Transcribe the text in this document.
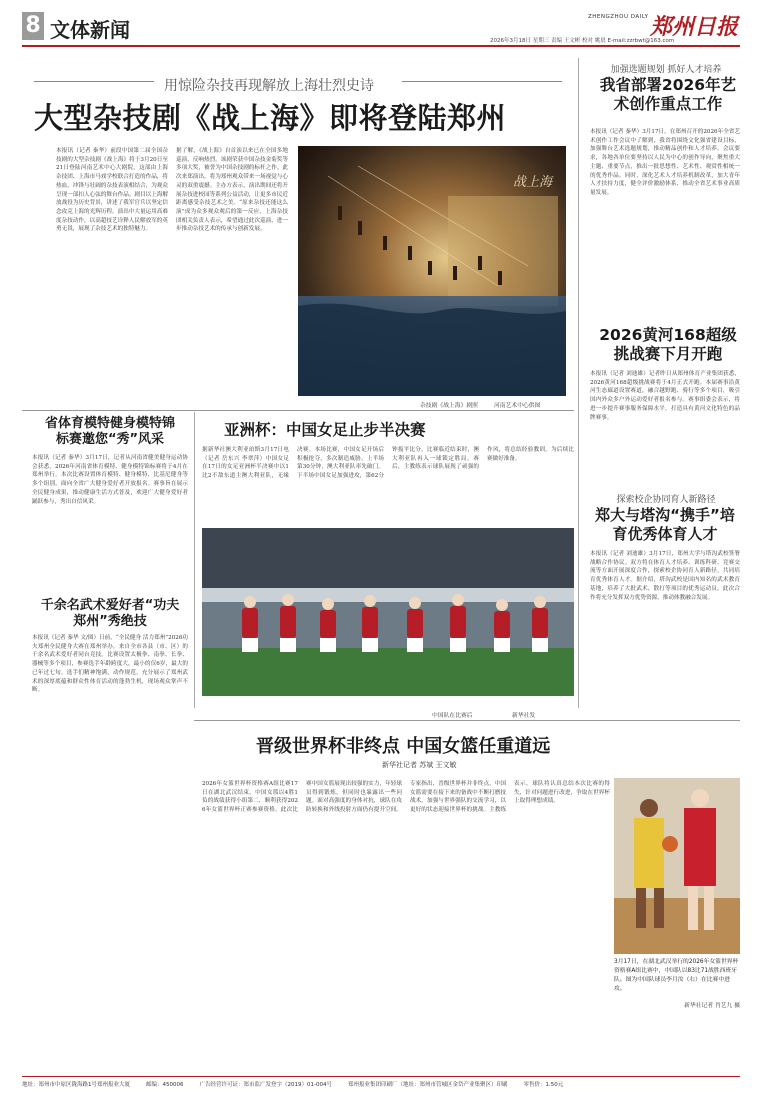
8 文体新闻
ZHENGZHOU DAILY 郑州日报
2026年3月18日 星期三 责编 王文彬 校对 姚晨 E-mail:zzrbwt@163.com
用惊险杂技再现解放上海壮烈史诗
大型杂技剧《战上海》即将登陆郑州
本报讯（记者 秦华）前段中国第二届全国杂技剧的大型杂技剧《战上海》将于3月20日至21日登陆河南艺术中心大剧院，这部由上海杂技团、上海市马戏学校联合打造的作品，将热血、冲锋与壮阔的杂技表演相结合，为观众呈现一部扣人心弦的舞台作品。剧目以上海解放战役为历史背景，讲述了我军官兵以坚定信念攻克上海的光辉历程。演出中大量运用高难度杂技动作，以高超技艺诠释人民解放军的英勇无畏，展现了杂技艺术的独特魅力。
据了解，《战上海》自首演以来已在全国多地巡演，反响热烈。该剧荣获中国杂技金菊奖等多项大奖，被誉为中国杂技剧的标杆之作。此次来郑演出，将为郑州观众带来一场视觉与心灵的双重震撼。主办方表示，演出期间还将开展杂技进校园等系列公益活动，让更多市民近距离感受杂技艺术之美。“原来杂技还能这么演”成为众多观众观后的第一反应，上海杂技团相关负责人表示，希望通过此次巡演，进一步推动杂技艺术的传承与创新发展。
战上海
杂技剧《战上海》剧照	河南艺术中心供图
加强选题规划 抓好人才培养
我省部署2026年艺术创作重点工作
本报讯（记者 秦华）3月17日，在郑州召开的2026年全省艺术创作工作会议中了解到，我省将围绕文化强省建设目标，加强舞台艺术选题规划，推动精品创作和人才培养。会议要求，各地各单位要坚持以人民为中心的创作导向，聚焦重大主题、重要节点，推出一批思想性、艺术性、观赏性相统一的优秀作品。同时，深化艺术人才培养机制改革，加大青年人才扶持力度，健全评价激励体系，推动全省艺术事业高质量发展。
2026黄河168超级挑战赛下月开跑
本报讯（记者 刘迪雄）记者昨日从郑州体育产业集团获悉，2026黄河168超级挑战赛将于4月正式开跑。本届赛事沿黄河生态廊道设置赛道，融合越野跑、骑行等多个项目，吸引国内外众多户外运动爱好者报名参与。赛事组委会表示，将进一步提升赛事服务保障水平，打造具有黄河文化特色的品牌赛事。
探索校企协同育人新路径
郑大与塔沟“携手”培育优秀体育人才
本报讯（记者 刘迪雄）3月17日，郑州大学与塔沟武校签署战略合作协议。双方将在体育人才培养、训练科研、竞赛交流等方面开展深度合作，探索校企协同育人新路径，共同培育优秀体育人才。据介绍，塔沟武校是国内知名的武术教育基地，培养了大批武术、散打等项目的优秀运动员。此次合作将充分发挥双方优势资源，推动体教融合发展。
省体育模特健身模特锦标赛邀您“秀”风采
本报讯（记者 秦华）3月17日，记者从河南省健美健身运动协会获悉，2026年河南省体育模特、健身模特锦标赛将于4月在郑州举行。本次比赛设置体育模特、健身模特、比基尼健身等多个组别，面向全省广大健身爱好者开放报名。赛事旨在展示全民健身成果，推动健康生活方式普及，欢迎广大健身爱好者踊跃参与，秀出自信风采。
千余名武术爱好者“功夫郑州”秀绝技
本报讯（记者 秦华 文/图）日前，“全民健身 活力郑州”2026功夫郑州全民健身大赛在郑州举办，来自全市各县（市、区）的千余名武术爱好者同台竞技。比赛设置太极拳、南拳、长拳、器械等多个项目，参赛选手年龄跨度大，最小的仅6岁，最大的已年过七旬。选手们精神饱满，动作规范，充分展示了郑州武术的深厚底蕴和群众性体育活动的蓬勃生机，现场观众掌声不断。
亚洲杯：中国女足止步半决赛
据新华社澳大利亚珀斯3月17日电（记者 岳东兴 李翠萍）中国女足在17日的女足亚洲杯半决赛中以1比2不敌东道主澳大利亚队，无缘决赛。本场比赛，中国女足开场后积极抢夺，多次制造威胁。上半场第30分钟，澳大利亚队率先破门。下半场中国女足加强进攻，第62分钟扳平比分。比赛临近结束时，澳大利亚队再入一球锁定胜局。赛后，主教练表示球队展现了顽强的作风，将总结经验教训，为后续比赛做好准备。
中国队在比赛后	新华社发
晋级世界杯非终点 中国女篮任重道远
新华社记者 苏斌 王文敏
2026年女篮世界杯资格赛A组比赛17日在湖北武汉结束，中国女篮以4胜1负的战绩获得小组第二，顺利获得2026年女篮世界杯正赛参赛资格。此次比赛中国女篮展现出较强的实力，年轻球员得到锻炼，但同时也暴露出一些问题。面对高强度的身体对抗，球队在攻防转换和外线投射方面仍有提升空间。专家指出，晋级世界杯并非终点，中国女篮需要在接下来的备战中不断打磨技战术，加强与世界强队的交流学习，以更好的状态迎接世界杯的挑战。主教练表示，球队将认真总结本次比赛的得失，针对问题进行改进，争取在世界杯上取得理想成绩。
3月17日，在湖北武汉举行的2026年女篮世界杯资格赛A组比赛中，中国队以83比71战胜西班牙队。图为中国队球员李月汝（右）在比赛中进攻。
新华社记者 肖艺九 摄
地址：郑州市中原区陇海路1号郑州报业大厦	邮编：450006	广告经营许可证：郑市监广发登字（2019）01-004号	郑州报业集团印刷厂（地址：郑州市管城区金岱产业集聚区）印刷	零售价：1.50元
